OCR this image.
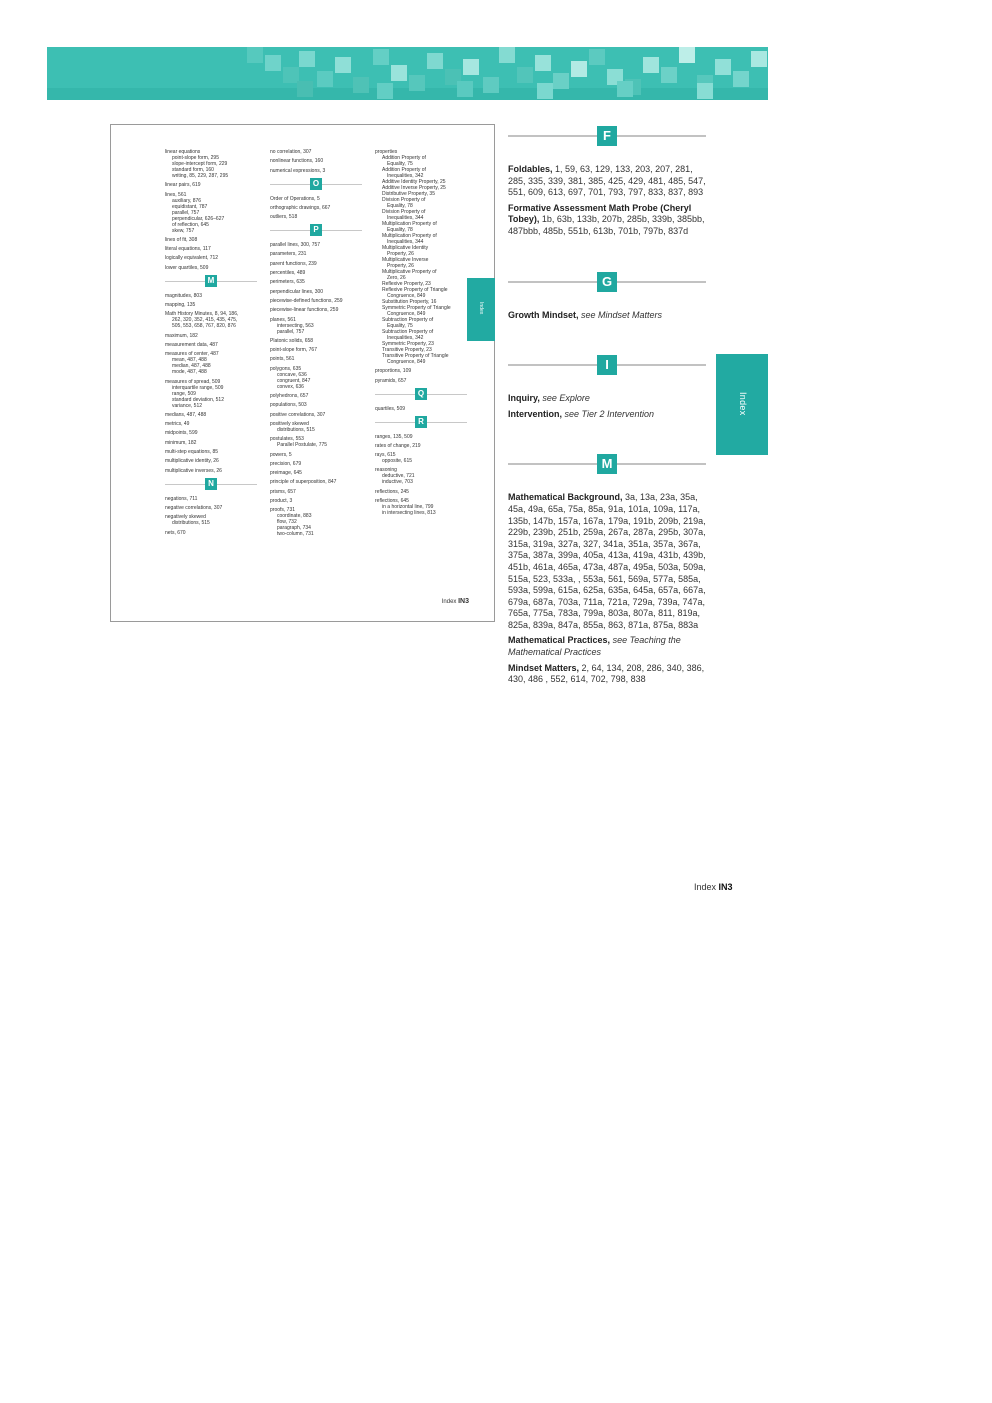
linear equations
point-slope form, 295
slope-intercept form, 229
standard form, 160
writing, 85, 229, 287, 295
linear pairs, 619
lines, 561
auxiliary, 876
equidistant, 787
parallel, 757
perpendicular, 626–627
of reflection, 645
skew, 757
lines of fit, 308
literal equations, 117
logically equivalent, 712
lower quartiles, 509
M
magnitudes, 803
mapping, 135
Math History Minutes, 8, 94, 186,
262, 320, 352, 415, 435, 475,
505, 553, 658, 767, 820, 876
maximum, 182
measurement data, 487
measures of center, 487
mean, 487, 488
median, 487, 488
mode, 487, 488
measures of spread, 509
interquartile range, 509
range, 509
standard deviation, 512
variance, 512
medians, 487, 488
metrics, 49
midpoints, 599
minimum, 182
multi-step equations, 85
multiplicative identity, 26
multiplicative inverses, 26
N
negations, 711
negative correlations, 307
negatively skewed
distributions, 515
nets, 670
no correlation, 307
nonlinear functions, 160
numerical expressions, 3
O
Order of Operations, 5
orthographic drawings, 667
outliers, 518
P
parallel lines, 300, 757
parameters, 231
parent functions, 239
percentiles, 489
perimeters, 635
perpendicular lines, 300
piecewise-defined functions, 259
piecewise-linear functions, 259
planes, 561
intersecting, 563
parallel, 757
Platonic solids, 658
point-slope form, 767
points, 561
polygons, 635
concave, 636
congruent, 847
convex, 636
polyhedrons, 657
populations, 503
positive correlations, 307
positively skewed
distributions, 515
postulates, 553
Parallel Postulate, 775
powers, 5
precision, 679
preimage, 645
principle of superposition, 847
prisms, 657
product, 3
proofs, 731
coordinate, 883
flow, 732
paragraph, 734
two-column, 731
properties
Addition Property of
Equality, 75
Addition Property of
Inequalities, 342
Additive Identity Property, 25
Additive Inverse Property, 25
Distributive Property, 35
Division Property of
Equality, 78
Division Property of
Inequalities, 344
Multiplication Property of
Equality, 78
Multiplication Property of
Inequalities, 344
Multiplicative Identity
Property, 26
Multiplicative Inverse
Property, 26
Multiplicative Property of
Zero, 26
Reflexive Property, 23
Reflexive Property of Triangle
Congruence, 849
Substitution Property, 16
Symmetric Property of Triangle
Congruence, 849
Subtraction Property of
Equality, 75
Subtraction Property of
Inequalities, 342
Symmetric Property, 23
Transitive Property, 23
Transitive Property of Triangle
Congruence, 849
proportions, 109
pyramids, 657
Q
quartiles, 509
R
ranges, 135, 509
rates of change, 219
rays, 615
opposite, 615
reasoning
deductive, 721
inductive, 703
reflections, 245
reflections, 645
in a horizontal line, 799
in intersecting lines, 813
Index IN3
Index
F
Foldables, 1, 59, 63, 129, 133, 203, 207, 281, 285, 335, 339, 381, 385, 425, 429, 481, 485, 547, 551, 609, 613, 697, 701, 793, 797, 833, 837, 893
Formative Assessment Math Probe (Cheryl Tobey), 1b, 63b, 133b, 207b, 285b, 339b, 385bb, 487bbb, 485b, 551b, 613b, 701b, 797b, 837d
G
Growth Mindset, see Mindset Matters
I
Inquiry, see Explore
Intervention, see Tier 2 Intervention
M
Mathematical Background, 3a, 13a, 23a, 35a, 45a, 49a, 65a, 75a, 85a, 91a, 101a, 109a, 117a, 135b, 147b, 157a, 167a, 179a, 191b, 209b, 219a, 229b, 239b, 251b, 259a, 267a, 287a, 295b, 307a, 315a, 319a, 327a, 327, 341a, 351a, 357a, 367a, 375a, 387a, 399a, 405a, 413a, 419a, 431b, 439b, 451b, 461a, 465a, 473a, 487a, 495a, 503a, 509a, 515a, 523, 533a, , 553a, 561, 569a, 577a, 585a, 593a, 599a, 615a, 625a, 635a, 645a, 657a, 667a, 679a, 687a, 703a, 711a, 721a, 729a, 739a, 747a, 765a, 775a, 783a, 799a, 803a, 807a, 811, 819a, 825a, 839a, 847a, 855a, 863, 871a, 875a, 883a
Mathematical Practices, see Teaching the Mathematical Practices
Mindset Matters, 2, 64, 134, 208, 286, 340, 386, 430, 486 , 552, 614, 702, 798, 838
Index
Index IN3
